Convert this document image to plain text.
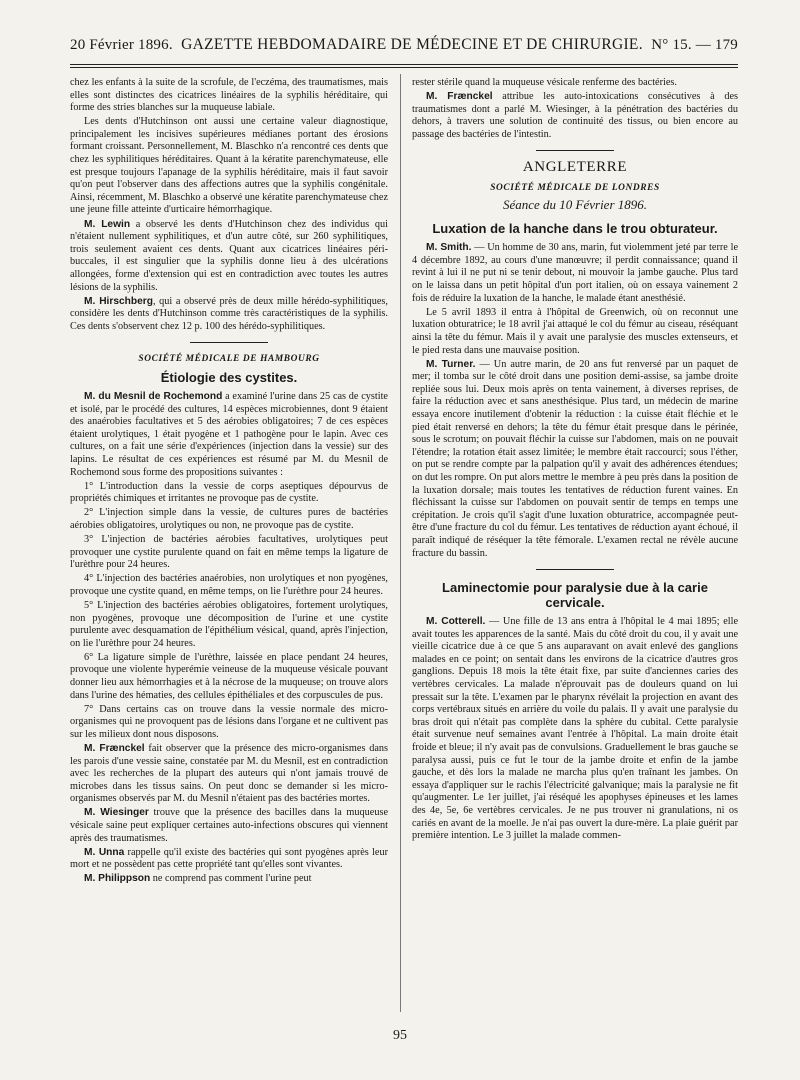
20 Février 1896. GAZETTE HEBDOMADAIRE DE MÉDECINE ET DE CHIRURGIE. N° 15. — 179

chez les enfants à la suite de la scrofule, de l'eczéma, des traumatismes, mais elles sont distinctes des cicatrices linéaires de la syphilis héréditaire, qui forme des stries blanches sur la muqueuse labiale.

Les dents d'Hutchinson ont aussi une certaine valeur diagnostique, principalement les incisives supérieures médianes portant des érosions formant croissant. Personnellement, M. Blaschko n'a rencontré ces dents que chez les syphilitiques héréditaires. Quant à la kératite parenchymateuse, elle est presque toujours l'apanage de la syphilis héréditaire, mais il faut savoir qu'on peut l'observer dans des affections autres que la syphilis congénitale. Ainsi, récemment, M. Blaschko a observé une kératite parenchymateuse chez une jeune fille atteinte d'urticaire hémorrhagique.

M. Lewin a observé les dents d'Hutchinson chez des individus qui n'étaient nullement syphilitiques, et d'un autre côté, sur 260 syphilitiques, trois seulement avaient ces dents. Quant aux cicatrices linéaires péri-buccales, il est singulier que la syphilis donne lieu à des ulcérations allongées, forme d'extension qui est en contradiction avec toutes les autres lésions de la syphilis.

M. Hirschberg, qui a observé près de deux mille hérédo-syphilitiques, considère les dents d'Hutchinson comme très caractéristiques de la syphilis. Ces dents s'observent chez 12 p. 100 des hérédo-syphilitiques.

SOCIÉTÉ MÉDICALE DE HAMBOURG
Étiologie des cystites.

M. du Mesnil de Rochemond a examiné l'urine dans 25 cas de cystite et isolé, par le procédé des cultures, 14 espèces microbiennes, dont 9 étaient des anaérobies facultatives et 5 des aérobies obligatoires; 7 de ces espèces étaient urolytiques, 1 était pyogène et 1 pathogène pour le lapin. Avec ces cultures, on a fait une série d'expériences (injection dans la vessie) sur des lapins. Le résultat de ces expériences est résumé par M. du Mesnil de Rochemond sous forme des propositions suivantes :

1° L'introduction dans la vessie de corps aseptiques dépourvus de propriétés chimiques et irritantes ne provoque pas de cystite.

2° L'injection simple dans la vessie, de cultures pures de bactéries aérobies obligatoires, urolytiques ou non, ne provoque pas de cystite.

3° L'injection de bactéries aérobies facultatives, urolytiques peut provoquer une cystite purulente quand on fait en même temps la ligature de l'urèthre pour 24 heures.

4° L'injection des bactéries anaérobies, non urolytiques et non pyogènes, provoque une cystite quand, en même temps, on lie l'urèthre pour 24 heures.

5° L'injection des bactéries aérobies obligatoires, fortement urolytiques, non pyogènes, provoque une décomposition de l'urine et une cystite purulente avec desquamation de l'épithélium vésical, quand, après l'injection, on lie l'urèthre pour 24 heures.

6° La ligature simple de l'urèthre, laissée en place pendant 24 heures, provoque une violente hyperémie veineuse de la muqueuse vésicale pouvant donner lieu aux hémorrhagies et à la nécrose de la muqueuse; on trouve alors dans l'urine des hématies, des cellules épithéliales et des corpuscules de pus.

7° Dans certains cas on trouve dans la vessie normale des micro-organismes qui ne provoquent pas de lésions dans l'organe et ne cultivent pas sur les milieux dont nous disposons.

M. Frænckel fait observer que la présence des micro-organismes dans les parois d'une vessie saine, constatée par M. du Mesnil, est en contradiction avec les recherches de la plupart des auteurs qui n'ont jamais trouvé de microbes dans les tissus sains. On peut donc se demander si les micro-organismes observés par M. du Mesnil n'étaient pas des bactéries mortes.

M. Wiesinger trouve que la présence des bacilles dans la muqueuse vésicale saine peut expliquer certaines auto-infections obscures qui viennent après des traumatismes.

M. Unna rappelle qu'il existe des bactéries qui sont pyogènes après leur mort et ne possèdent pas cette propriété tant qu'elles sont vivantes.

M. Philippson ne comprend pas comment l'urine peut

rester stérile quand la muqueuse vésicale renferme des bactéries.

M. Frænckel attribue les auto-intoxications consécutives à des traumatismes dont a parlé M. Wiesinger, à la pénétration des bactéries du dehors, à travers une solution de continuité des tissus, ou bien encore au passage des bactéries de l'intestin.

ANGLETERRE
SOCIÉTÉ MÉDICALE DE LONDRES
Séance du 10 Février 1896.
Luxation de la hanche dans le trou obturateur.

M. Smith. — Un homme de 30 ans, marin, fut violemment jeté par terre le 4 décembre 1892, au cours d'une manœuvre; il perdit connaissance; quand il revint à lui il ne put ni se tenir debout, ni mouvoir la jambe gauche. Plus tard on le laissa dans un petit hôpital d'un port italien, où on essaya vainement 2 fois de réduire la luxation de la hanche, le malade étant anesthésié.

Le 5 avril 1893 il entra à l'hôpital de Greenwich, où on reconnut une luxation obturatrice; le 18 avril j'ai attaqué le col du fémur au ciseau, réséquant ainsi la tête du fémur. Mais il y avait une paralysie des muscles extenseurs, et le pied resta dans une mauvaise position.

M. Turner. — Un autre marin, de 20 ans fut renversé par un paquet de mer; il tomba sur le côté droit dans une position demi-assise, sa jambe droite repliée sous lui. Deux mois après on tenta vainement, à diverses reprises, de faire la réduction avec et sans anesthésique. Plus tard, un médecin de marine essaya encore inutilement d'obtenir la réduction : la cuisse était fléchie et le pied était renversé en dehors; la tête du fémur était presque dans le périnée, sous le scrotum; on pouvait fléchir la cuisse sur l'abdomen, mais on ne pouvait l'étendre; la rotation était assez limitée; le membre était raccourci; sous l'éther, on put se rendre compte par la palpation qu'il y avait des adhérences étendues; on dut les rompre. On put alors mettre le membre à peu près dans la position de la luxation dorsale; mais toutes les tentatives de réduction furent vaines. En fléchissant la cuisse sur l'abdomen on pouvait sentir de temps en temps une crépitation. Je crois qu'il s'agit d'une luxation obturatrice, accompagnée peut-être d'une fracture du col du fémur. Les tentatives de réduction ayant échoué, il paraît indiqué de réséquer la tête fémorale. L'examen rectal ne révèle aucune fracture du bassin.

Laminectomie pour paralysie due à la carie cervicale.

M. Cotterell. — Une fille de 13 ans entra à l'hôpital le 4 mai 1895; elle avait toutes les apparences de la santé. Mais du côté droit du cou, il y avait une vieille cicatrice due à ce que 5 ans auparavant on avait enlevé des ganglions malades en ce point; on sentait dans les environs de la cicatrice d'autres gros ganglions. Depuis 18 mois la tête était fixe, par suite d'anciennes caries des vertèbres cervicales. La malade n'éprouvait pas de douleurs quand on lui pressait sur la tête. L'examen par le pharynx révélait la projection en avant des corps vertébraux situés en arrière du voile du palais. Il y avait une paralysie du bras droit qui n'était pas complète dans la sphère du cubital. Cette paralysie était survenue neuf semaines avant l'entrée à l'hôpital. La main droite était froide et bleue; il n'y avait pas de convulsions. Graduellement le bras gauche se paralysa aussi, puis ce fut le tour de la jambe droite et enfin de la jambe gauche, et dès lors la malade ne marcha plus qu'en traînant les jambes. On essaya d'appliquer sur le rachis l'électricité galvanique; mais la paralysie ne fit qu'augmenter. Le 1er juillet, j'ai réséqué les apophyses épineuses et les lames des 4e, 5e, 6e vertèbres cervicales. Je ne pus trouver ni granulations, ni os cariés en avant de la moelle. Je n'ai pas ouvert la dure-mère. La plaie guérit par première intention. Le 3 juillet la malade commen-

95
